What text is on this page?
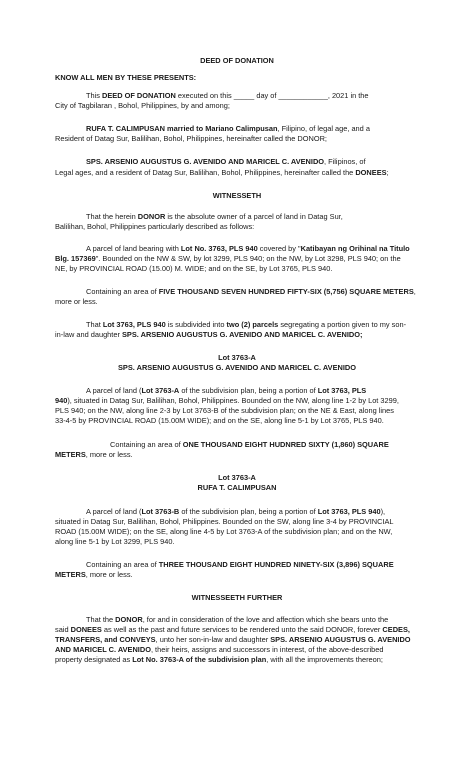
DEED OF DONATION
KNOW ALL MEN BY THESE PRESENTS:
This DEED OF DONATION executed on this _____ day of ____________, 2021 in the
City of Tagbilaran , Bohol, Philippines, by and among;
RUFA T. CALIMPUSAN married to Mariano Calimpusan, Filipino, of legal age, and a
Resident of Datag Sur, Balilihan, Bohol, Philippines, hereinafter called the DONOR;
SPS. ARSENIO AUGUSTUS G. AVENIDO AND MARICEL C. AVENIDO, Filipinos, of
Legal ages, and a resident of Datag Sur, Balilihan, Bohol, Philippines, hereinafter called the DONEES;
WITNESSETH
That the herein DONOR is the absolute owner of a parcel of land in Datag Sur,
Balilihan, Bohol, Philippines particularly described as follows:
A parcel of land bearing with Lot No. 3763, PLS 940 covered by "Katibayan ng Orihinal na Titulo
Blg. 157369". Bounded on the NW & SW, by lot 3299, PLS 940; on the NW, by Lot 3298, PLS 940; on the
NE, by PROVINCIAL ROAD (15.00) M. WIDE; and on the SE, by Lot 3765, PLS 940.
Containing an area of FIVE THOUSAND SEVEN HUNDRED FIFTY-SIX (5,756) SQUARE METERS,
more or less.
That Lot 3763, PLS 940 is subdivided into two (2) parcels segregating a portion given to my son-
in-law and daughter SPS. ARSENIO AUGUSTUS G. AVENIDO AND MARICEL C. AVENIDO;
Lot 3763-A
SPS. ARSENIO AUGUSTUS G. AVENIDO AND MARICEL C. AVENIDO
A parcel of land (Lot 3763-A of the subdivision plan, being a portion of Lot 3763, PLS
940), situated in Datag Sur, Balilihan, Bohol, Philippines. Bounded on the NW, along line 1-2 by Lot 3299,
PLS 940; on the NW, along line 2-3 by Lot 3763-B of the subdivision plan; on the NE & East, along lines
33-4-5 by PROVINCIAL ROAD (15.00M WIDE); and on the SE, along line 5-1 by Lot 3765, PLS 940.
Containing an area of ONE THOUSAND EIGHT HUDNRED SIXTY (1,860) SQUARE
METERS, more or less.
Lot 3763-A
RUFA T. CALIMPUSAN
A parcel of land (Lot 3763-B of the subdivision plan, being a portion of Lot 3763, PLS 940),
situated in Datag Sur, Balilihan, Bohol, Philippines. Bounded on the SW, along line 3-4 by PROVINCIAL
ROAD (15.00M WIDE); on the SE, along line 4-5 by Lot 3763-A of the subdivision plan; and on the NW,
along line 5-1 by Lot 3299, PLS 940.
Containing an area of THREE THOUSAND EIGHT HUNDRED NINETY-SIX (3,896) SQUARE
METERS, more or less.
WITNESSEETH FURTHER
That the DONOR, for and in consideration of the love and affection which she bears unto the
said DONEES as well as the past and future services to be rendered unto the said DONOR, forever CEDES,
TRANSFERS, and CONVEYS, unto her son-in-law and daughter SPS. ARSENIO AUGUSTUS G. AVENIDO
AND MARICEL C. AVENIDO, their heirs, assigns and successors in interest, of the above-described
property designated as Lot No. 3763-A of the subdivision plan, with all the improvements thereon;
